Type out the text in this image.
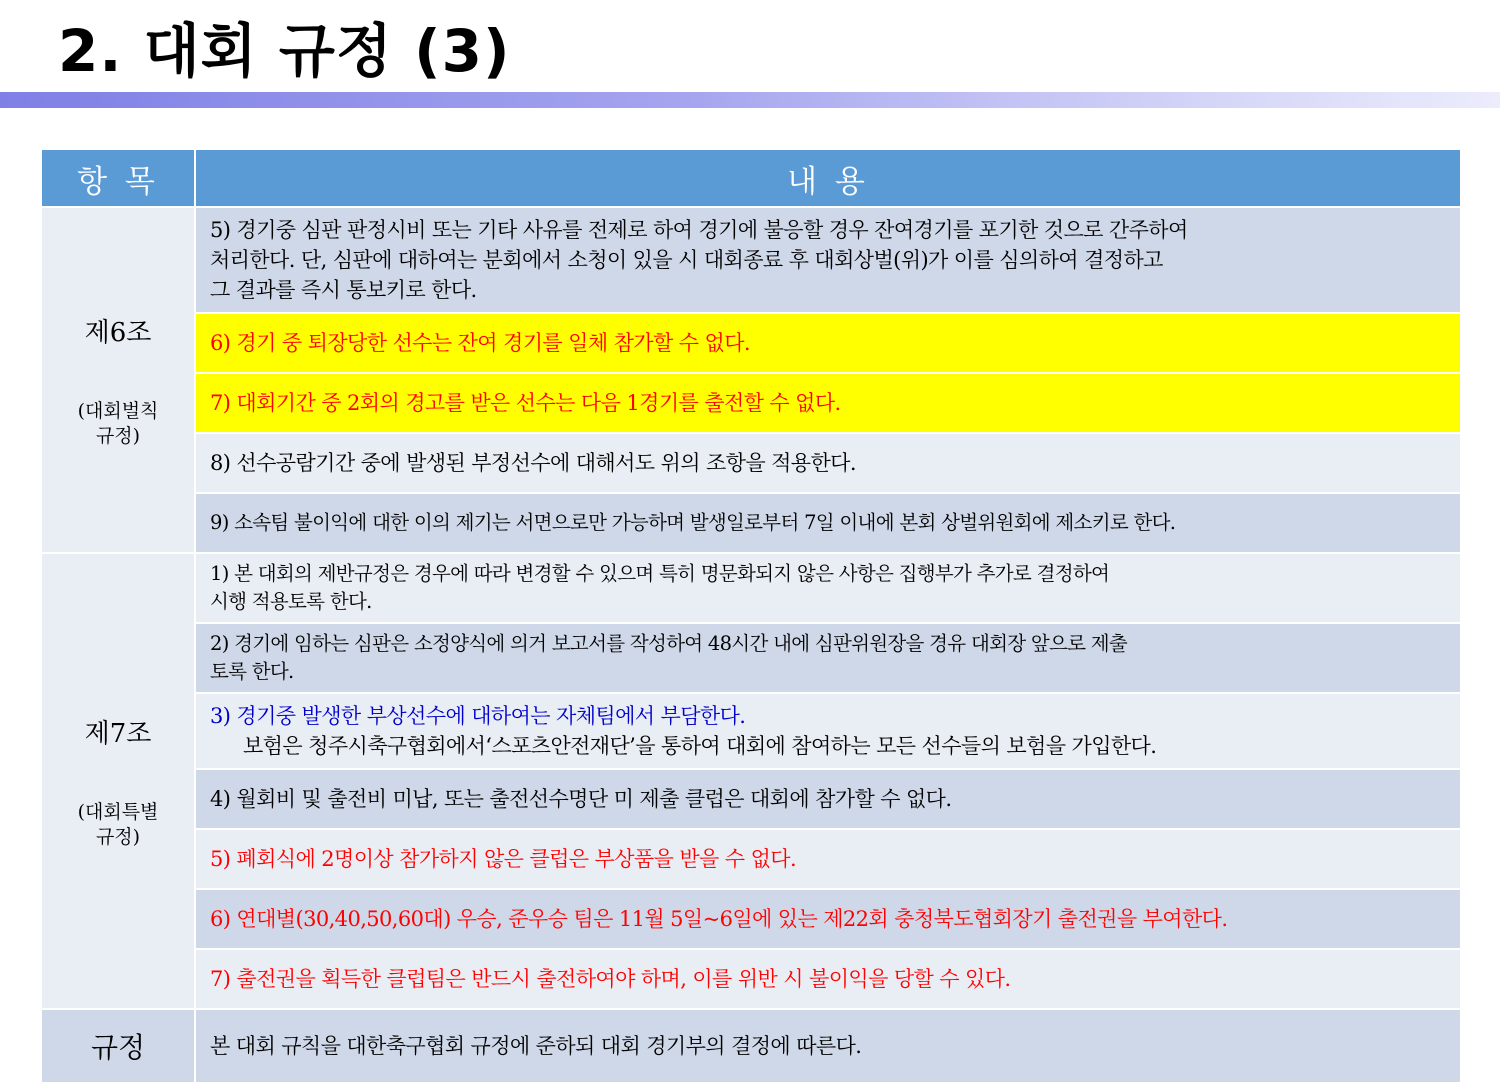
2. 대회 규정 (3)
항 목	내 용

제6조
(대회벌칙
규정)	5) 경기중 심판 판정시비 또는 기타 사유를 전제로 하여 경기에 불응할 경우 잔여경기를 포기한 것으로 간주하여
처리한다. 단, 심판에 대하여는 분회에서 소청이 있을 시 대회종료 후 대회상벌(위)가 이를 심의하여 결정하고
그 결과를 즉시 통보키로 한다.
	6) 경기 중 퇴장당한 선수는 잔여 경기를 일체 참가할 수 없다.
	7) 대회기간 중 2회의 경고를 받은 선수는 다음 1경기를 출전할 수 없다.
	8) 선수공람기간 중에 발생된 부정선수에 대해서도 위의 조항을 적용한다.
	9) 소속팀 불이익에 대한 이의 제기는 서면으로만 가능하며 발생일로부터 7일 이내에 본회 상벌위원회에 제소키로 한다.

제7조
(대회특별
규정)	1) 본 대회의 제반규정은 경우에 따라 변경할 수 있으며 특히 명문화되지 않은 사항은 집행부가 추가로 결정하여
시행 적용토록 한다.
	2) 경기에 임하는 심판은 소정양식에 의거 보고서를 작성하여 48시간 내에 심판위원장을 경유 대회장 앞으로 제출
토록 한다.
	3) 경기중 발생한 부상선수에 대하여는 자체팀에서 부담한다.

보험은 청주시축구협회에서‘스포츠안전재단’을 통하여 대회에 참여하는 모든 선수들의 보험을 가입한다.

	4) 월회비 및 출전비 미납, 또는 출전선수명단 미 제출 클럽은 대회에 참가할 수 없다.
	5) 폐회식에 2명이상 참가하지 않은 클럽은 부상품을 받을 수 없다.
	6) 연대별(30,40,50,60대) 우승, 준우승 팀은 11월 5일~6일에 있는 제22회 충청북도협회장기 출전권을 부여한다.
	7) 출전권을 획득한 클럽팀은 반드시 출전하여야 하며, 이를 위반 시 불이익을 당할 수 있다.
규정	본 대회 규칙을 대한축구협회 규정에 준하되 대회 경기부의 결정에 따른다.
